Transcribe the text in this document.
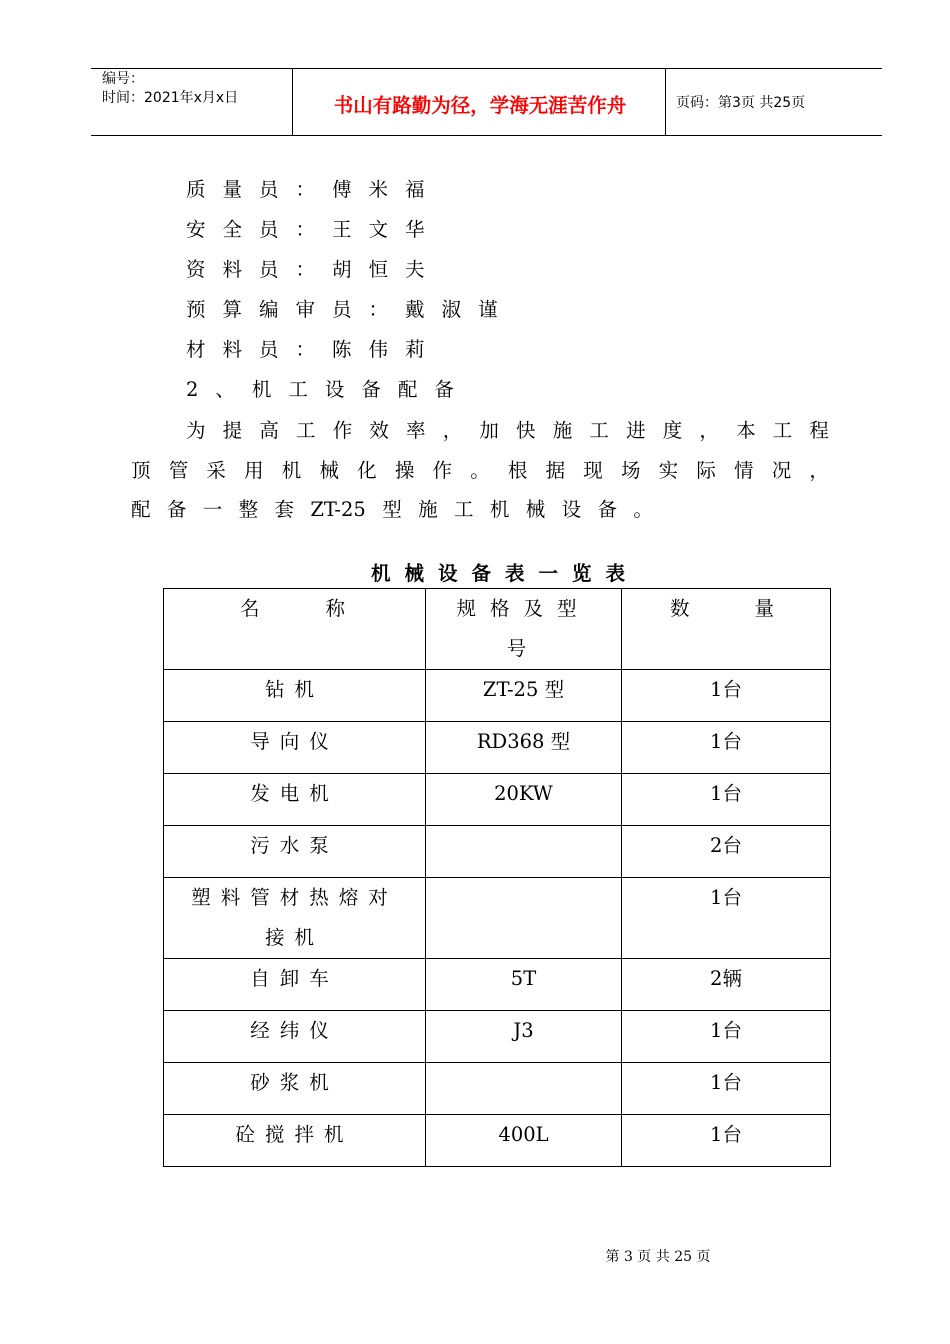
编号：
时间：2021年x月x日	书山有路勤为径，学海无涯苦作舟	页码：第3页 共25页
质量员：傅米福
安全员：王文华
资料员：胡恒夫
预算编审员：戴淑谨
材料员：陈伟莉
2、机工设备配备
为 提 高 工 作 效 率 ， 加 快 施 工 进 度 ， 本 工 程
顶 管 采 用 机 械 化 操 作 。 根 据 现 场 实 际 情 况 ，
配 备 一 整 套 ZT-25 型 施 工 机 械 设 备 。
机械设备表一览表
名 称	规格及型号	数 量

钻机	ZT-25 型	1台
导向仪	RD368 型	1台
发电机	20KW	1台
污水泵		2台
塑料管材热熔对接机		1台
自卸车	5T	2辆
经纬仪	J3	1台
砂浆机		1台
砼搅拌机	400L	1台
第 3 页 共 25 页
